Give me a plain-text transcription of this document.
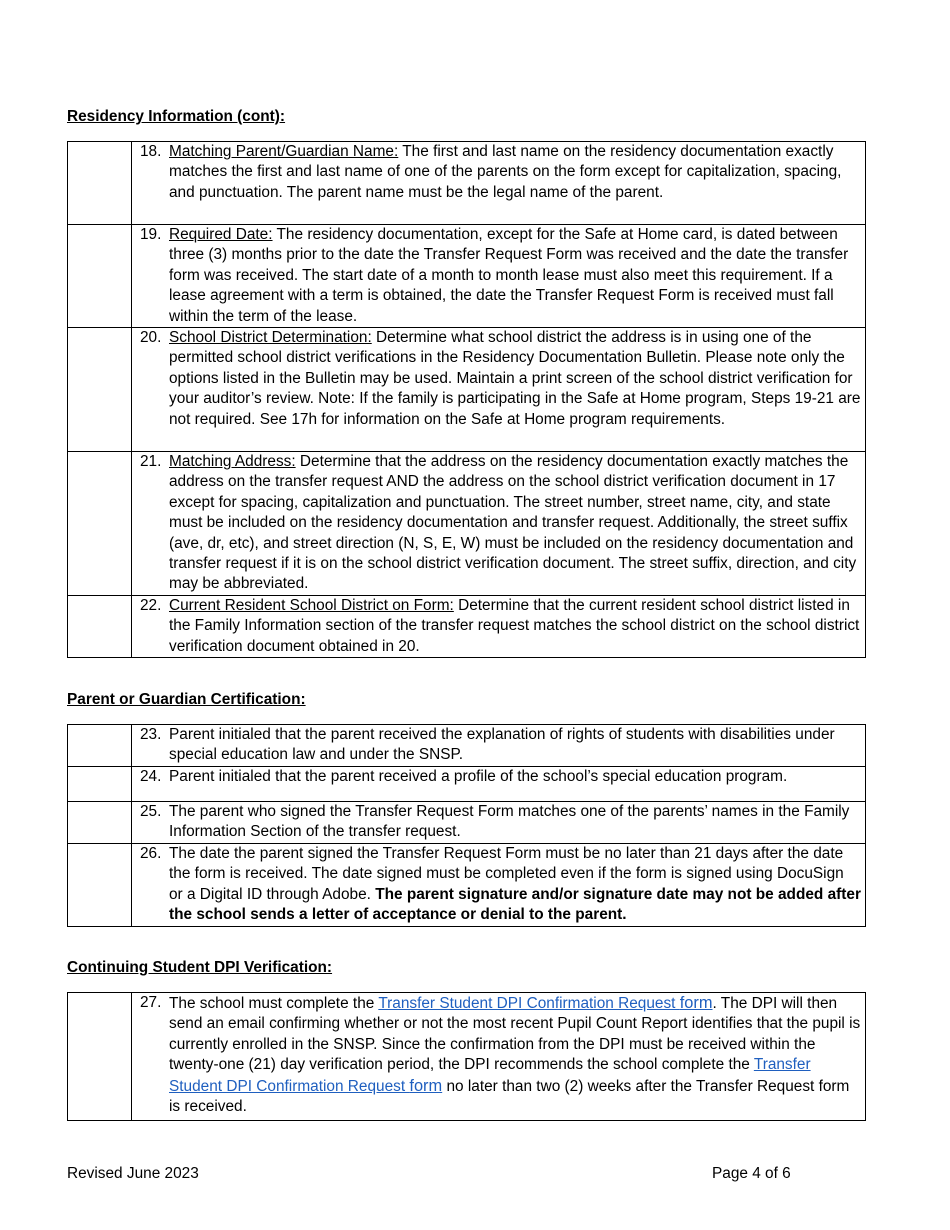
Residency Information (cont):

	18. Matching Parent/Guardian Name: The first and last name on the residency documentation exactly matches the first and last name of one of the parents on the form except for capitalization, spacing, and punctuation. The parent name must be the legal name of the parent.

	19. Required Date: The residency documentation, except for the Safe at Home card, is dated between three (3) months prior to the date the Transfer Request Form was received and the date the transfer form was received. The start date of a month to month lease must also meet this requirement. If a lease agreement with a term is obtained, the date the Transfer Request Form is received must fall within the term of the lease.

	20. School District Determination: Determine what school district the address is in using one of the permitted school district verifications in the Residency Documentation Bulletin. Please note only the options listed in the Bulletin may be used. Maintain a print screen of the school district verification for your auditor’s review. Note: If the family is participating in the Safe at Home program, Steps 19-21 are not required. See 17h for information on the Safe at Home program requirements.

	21. Matching Address: Determine that the address on the residency documentation exactly matches the address on the transfer request AND the address on the school district verification document in 17 except for spacing, capitalization and punctuation. The street number, street name, city, and state must be included on the residency documentation and transfer request. Additionally, the street suffix (ave, dr, etc), and street direction (N, S, E, W) must be included on the residency documentation and transfer request if it is on the school district verification document. The street suffix, direction, and city may be abbreviated.

	22. Current Resident School District on Form: Determine that the current resident school district listed in the Family Information section of the transfer request matches the school district on the school district verification document obtained in 20.
Parent or Guardian Certification:

	23. Parent initialed that the parent received the explanation of rights of students with disabilities under special education law and under the SNSP.

	24. Parent initialed that the parent received a profile of the school’s special education program.

	25. The parent who signed the Transfer Request Form matches one of the parents’ names in the Family Information Section of the transfer request.

	26. The date the parent signed the Transfer Request Form must be no later than 21 days after the date the form is received. The date signed must be completed even if the form is signed using DocuSign or a Digital ID through Adobe. The parent signature and/or signature date may not be added after the school sends a letter of acceptance or denial to the parent.
Continuing Student DPI Verification:

27. The school must complete the Transfer Student DPI Confirmation Request form. The DPI will then send an email confirming whether or not the most recent Pupil Count Report identifies that the pupil is currently enrolled in the SNSP. Since the confirmation from the DPI must be received within the twenty-one (21) day verification period, the DPI recommends the school complete the Transfer Student DPI Confirmation Request form no later than two (2) weeks after the Transfer Request form is received.
Revised June 2023	Page 4 of 6
